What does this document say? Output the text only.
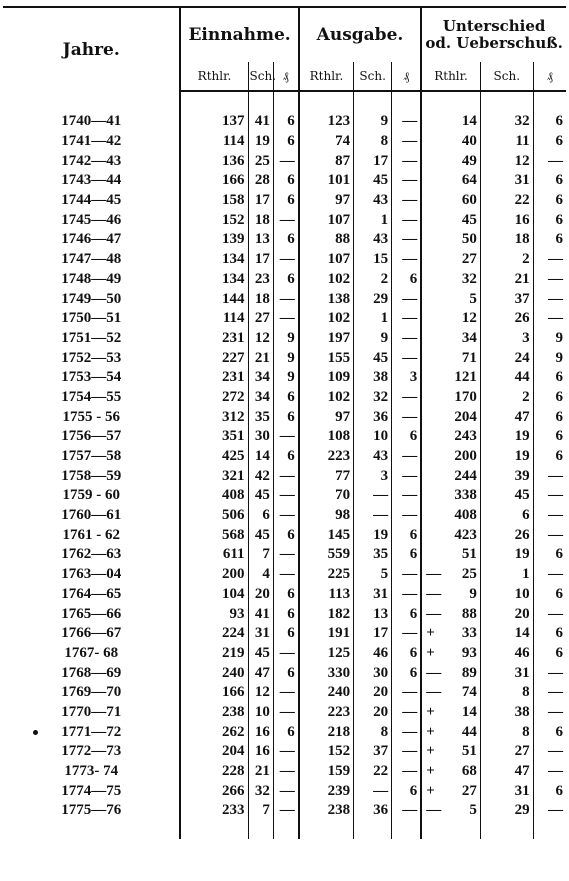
Jahre.	Einnahme.			Ausgabe.			Unterschied
od. Ueberschuß.		

	Rthlr.	Sch.	₰	Rthlr.	Sch.	₰	Rthlr.	Sch.	₰

1740—41	137	41	6	123	9	—	14	32	6
1741—42	114	19	6	74	8	—	40	11	6
1742—43	136	25	—	87	17	—	49	12	—
1743—44	166	28	6	101	45	—	64	31	6
1744—45	158	17	6	97	43	—	60	22	6
1745—46	152	18	—	107	1	—	45	16	6
1746—47	139	13	6	88	43	—	50	18	6
1747—48	134	17	—	107	15	—	27	2	—
1748—49	134	23	6	102	2	6	32	21	—
1749—50	144	18	—	138	29	—	5	37	—
1750—51	114	27	—	102	1	—	12	26	—
1751—52	231	12	9	197	9	—	34	3	9
1752—53	227	21	9	155	45	—	71	24	9
1753—54	231	34	9	109	38	3	121	44	6
1754—55	272	34	6	102	32	—	170	2	6
1755 - 56	312	35	6	97	36	—	204	47	6
1756—57	351	30	—	108	10	6	243	19	6
1757—58	425	14	6	223	43	—	200	19	6
1758—59	321	42	—	77	3	—	244	39	—
1759 - 60	408	45	—	70	—	—	338	45	—
1760—61	506	6	—	98	—	—	408	6	—
1761 - 62	568	45	6	145	19	6	423	26	—
1762—63	611	7	—	559	35	6	51	19	6
1763—04	200	4	—	225	5	—	— 25	1	—
1764—65	104	20	6	113	31	—	— 9	10	6
1765—66	93	41	6	182	13	6	— 88	20	—
1766—67	224	31	6	191	17	—	+ 33	14	6
1767- 68	219	45	—	125	46	6	+ 93	46	6
1768—69	240	47	6	330	30	6	— 89	31	—
1769—70	166	12	—	240	20	—	— 74	8	—
1770—71	238	10	—	223	20	—	+ 14	38	—
1771—72	262	16	6	218	8	—	+ 44	8	6
1772—73	204	16	—	152	37	—	+ 51	27	—
1773- 74	228	21	—	159	22	—	+ 68	47	—
1774—75	266	32	—	239	—	6	+ 27	31	6
1775—76	233	7	—	238	36	—	— 5	29	—
